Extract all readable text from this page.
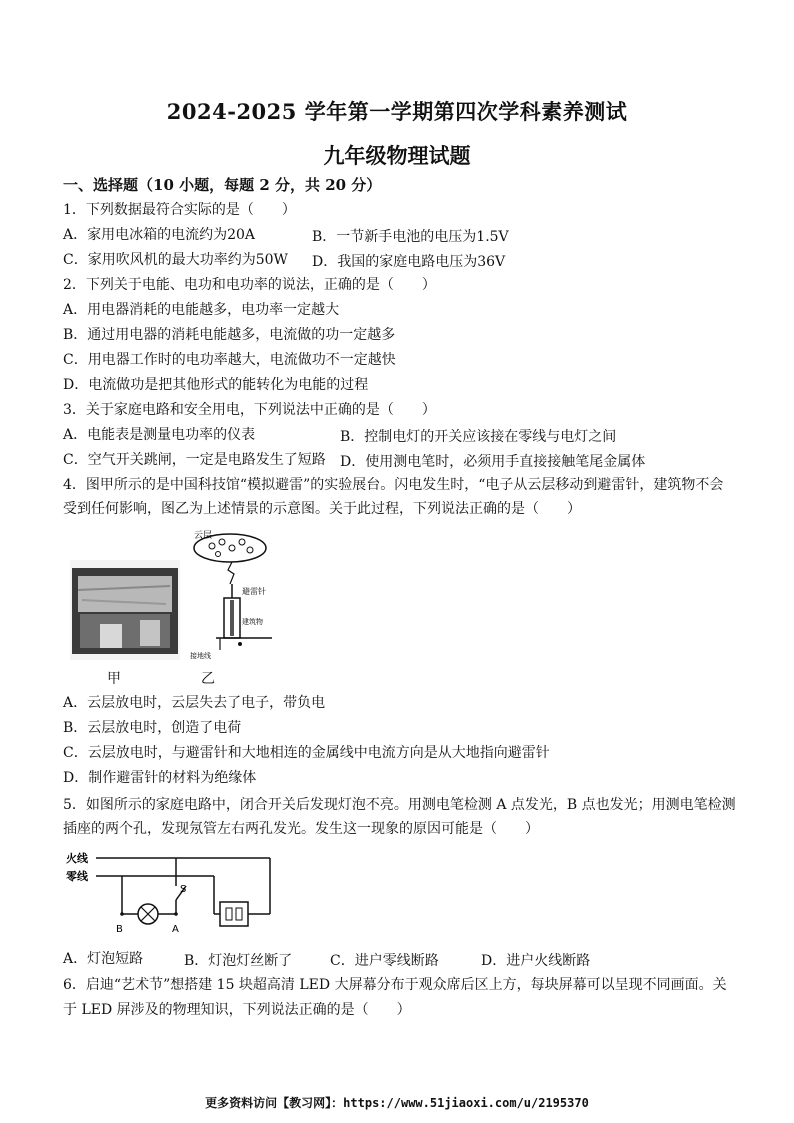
2024-2025 学年第一学期第四次学科素养测试
九年级物理试题
一、选择题（10 小题，每题 2 分，共 20 分）
1．下列数据最符合实际的是（　　）
A．家用电冰箱的电流约为20A	B．一节新手电池的电压为1.5V
C．家用吹风机的最大功率约为50W D．我国的家庭电路电压为36V
2．下列关于电能、电功和电功率的说法，正确的是（　　）
A．用电器消耗的电能越多，电功率一定越大
B．通过用电器的消耗电能越多，电流做的功一定越多
C．用电器工作时的电功率越大，电流做功不一定越快
D．电流做功是把其他形式的能转化为电能的过程
3．关于家庭电路和安全用电，下列说法中正确的是（　　）
A．电能表是测量电功率的仪表	B．控制电灯的开关应该接在零线与电灯之间
C．空气开关跳闸，一定是电路发生了短路 D．使用测电笔时，必须用手直接接触笔尾金属体
4．图甲所示的是中国科技馆“模拟避雷”的实验展台。闪电发生时，“电子从云层移动到避雷针，建筑物不会
受到任何影响，图乙为上述情景的示意图。关于此过程，下列说法正确的是（　　）
甲
云层
避雷针
建筑物
接地线
乙
A．云层放电时，云层失去了电子，带负电
B．云层放电时，创造了电荷
C．云层放电时，与避雷针和大地相连的金属线中电流方向是从大地指向避雷针
D．制作避雷针的材料为绝缘体
5．如图所示的家庭电路中，闭合开关后发现灯泡不亮。用测电笔检测 A 点发光，B 点也发光；用测电笔检测
插座的两个孔，发现氖管左右两孔发光。发生这一现象的原因可能是（　　）
火线
零线
S
B	A
A．灯泡短路	B．灯泡灯丝断了	C．进户零线断路	D．进户火线断路
6．启迪“艺术节”想搭建 15 块超高清 LED 大屏幕分布于观众席后区上方，每块屏幕可以呈现不同画面。关
于 LED 屏涉及的物理知识，下列说法正确的是（　　）
更多资料访问【教习网】：https://www.51jiaoxi.com/u/2195370
